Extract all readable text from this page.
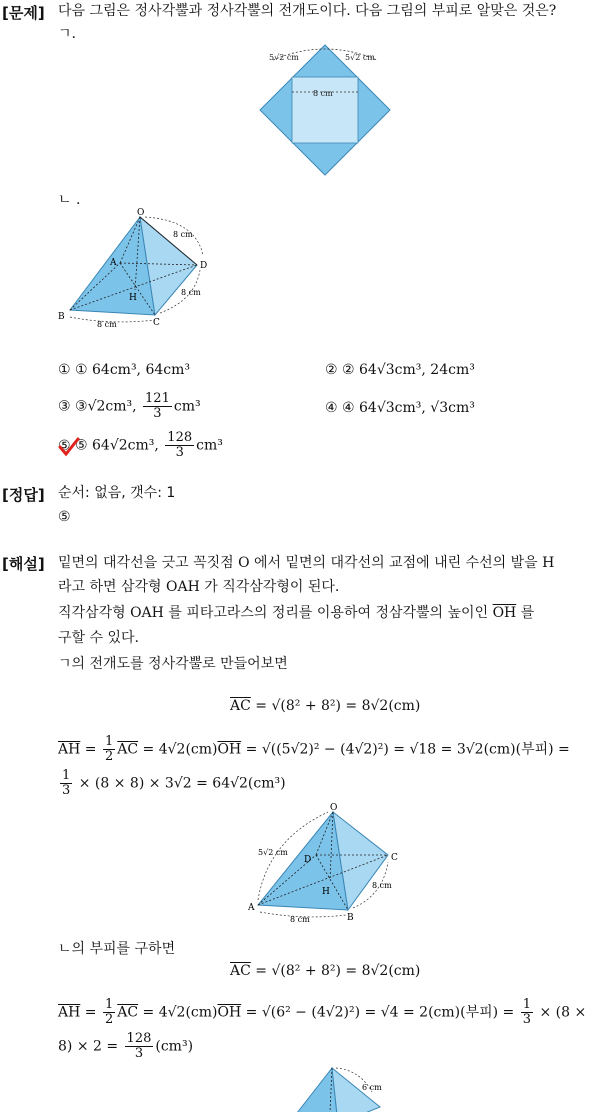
[문제] 다음 그림은 정사각뿔과 정사각뿔의 전개도이다. 다음 그림의 부피로 알맞은 것은?
ㄱ.
5√2 cm	5√2 cm
8 cm
ㄴ .
O
A
B
C
D
H
8 cm
8 cm
8 cm
① ① 64cm³, 64cm³	② ② 64√3cm³, 24cm³
③ ③√2cm³, $\frac{121}{3} cm^3$	④ ④ 64√3cm³, √3cm³
⑤ ⑤ 64√2cm³, $\frac{128}{3} cm^3$
[정답] 순서: 없음, 갯수: 1
⑤
[해설] 밑면의 대각선을 긋고 꼭짓점 O 에서 밑면의 대각선의 교점에 내린 수선의 발을 H
라고 하면 삼각형 OAH 가 직각삼각형이 된다.
직각삼각형 OAH 를 피타고라스의 정리를 이용하여 정삼각뿔의 높이인 $\overline{OH}$ 를
구할 수 있다.
ㄱ의 전개도를 정사각뿔로 만들어보면
$\overline{AC} = √(8^2 + 8^2) = 8√2(cm)$
$\overline{AH} = \frac{1}{2} \overline{AC} = 4√2(cm)\overline{OH} = √((5√2)^2 - (4√2)^2) = √18 = 3√2(cm)$(부피) =
$\frac{1}{3} \times (8 \times 8) \times 3√2 = 64√2(cm^3)$
O
A
B
C
D
H
5√2 cm
8 cm
8 cm
ㄴ의 부피를 구하면
$\overline{AC} = √(8^2 + 8^2) = 8√2(cm)$
$\overline{AH} = \frac{1}{2} \overline{AC} = 4√2(cm)\overline{OH} = √(6^2 - (4√2)^2) = √4 = 2(cm)$(부피) = $\frac{1}{3} \times (8$ ×
$8) \times 2 = \frac{128}{3} (cm^3)$
6 cm
